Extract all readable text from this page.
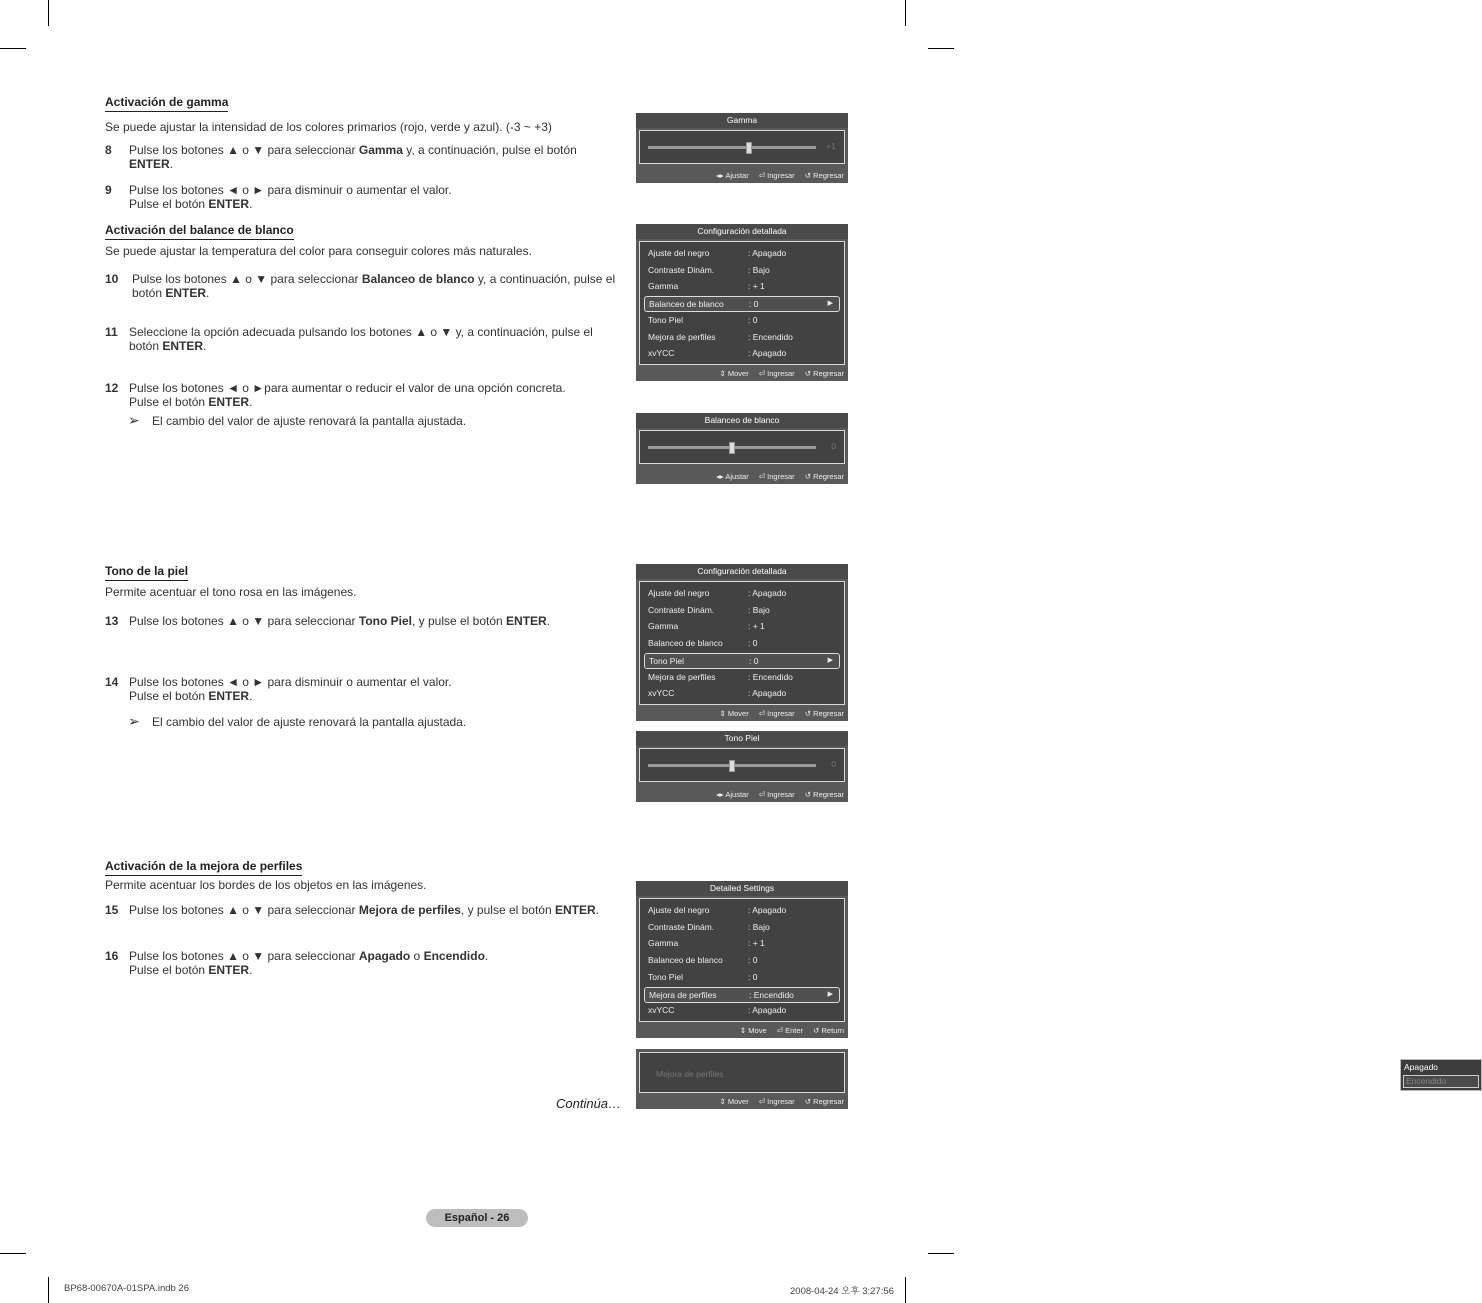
Activación de gamma
Se puede ajustar la intensidad de los colores primarios (rojo, verde y azul). (-3 ~ +3)
8 Pulse los botones ▲ o ▼ para seleccionar Gamma y, a continuación, pulse el botón ENTER.
9 Pulse los botones ◄ o ► para disminuir o aumentar el valor. Pulse el botón ENTER.
Activación del balance de blanco
Se puede ajustar la temperatura del color para conseguir colores más naturales.
10 Pulse los botones ▲ o ▼ para seleccionar Balanceo de blanco y, a continuación, pulse el botón ENTER.
11 Seleccione la opción adecuada pulsando los botones ▲ o ▼ y, a continuación, pulse el botón ENTER.
12 Pulse los botones ◄ o ►para aumentar o reducir el valor de una opción concreta. Pulse el botón ENTER.
➢ El cambio del valor de ajuste renovará la pantalla ajustada.
Tono de la piel
Permite acentuar el tono rosa en las imágenes.
13 Pulse los botones ▲ o ▼ para seleccionar Tono Piel, y pulse el botón ENTER.
14 Pulse los botones ◄ o ► para disminuir o aumentar el valor. Pulse el botón ENTER.
➢ El cambio del valor de ajuste renovará la pantalla ajustada.
Activación de la mejora de perfiles
Permite acentuar los bordes de los objetos en las imágenes.
15 Pulse los botones ▲ o ▼ para seleccionar Mejora de perfiles, y pulse el botón ENTER.
16 Pulse los botones ▲ o ▼ para seleccionar Apagado o Encendido. Pulse el botón ENTER.
Gamma
+1
◂▸ Ajustar ⏎ Ingresar ↺ Regresar
Configuración detallada
Ajuste del negro	: Apagado
Contraste Dinám.	: Bajo
Gamma	: + 1
Balanceo de blanco	: 0	▶
Tono Piel	: 0
Mejora de perfiles	: Encendido
xvYCC	: Apagado
⇕ Mover ⏎ Ingresar ↺ Regresar
Balanceo de blanco
0
◂▸ Ajustar ⏎ Ingresar ↺ Regresar
Configuración detallada
Ajuste del negro	: Apagado
Contraste Dinám.	: Bajo
Gamma	: + 1
Balanceo de blanco	: 0
Tono Piel	: 0	▶
Mejora de perfiles	: Encendido
xvYCC	: Apagado
⇕ Mover ⏎ Ingresar ↺ Regresar
Tono Piel
0
◂▸ Ajustar ⏎ Ingresar ↺ Regresar
Detailed Settings
Ajuste del negro	: Apagado
Contraste Dinám.	: Bajo
Gamma	: + 1
Balanceo de blanco	: 0
Tono Piel	: 0
Mejora de perfiles	: Encendido	▶
xvYCC	: Apagado
⇕ Move ⏎ Enter ↺ Return
Mejora de perfiles
Apagado
Encendido
⇕ Mover ⏎ Ingresar ↺ Regresar
Continúa…
Español - 26
BP68-00670A-01SPA.indb 26	2008-04-24 오후 3:27:56
